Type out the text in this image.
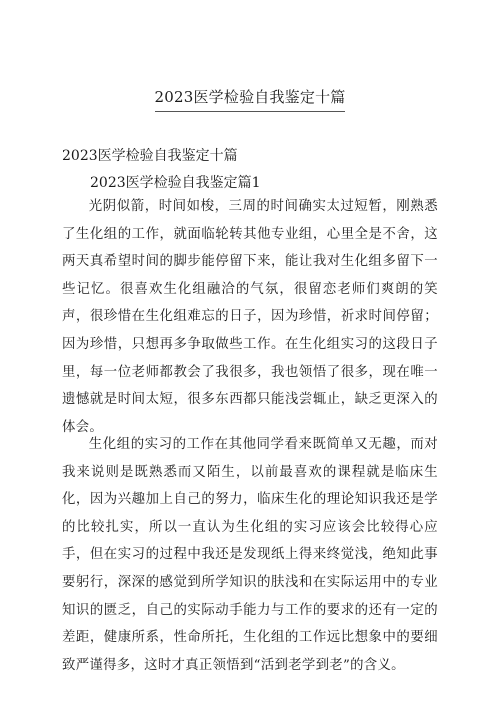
2023医学检验自我鉴定十篇

2023医学检验自我鉴定十篇

2023医学检验自我鉴定篇1

光阴似箭，时间如梭，三周的时间确实太过短暂，刚熟悉了生化组的工作，就面临轮转其他专业组，心里全是不舍，这两天真希望时间的脚步能停留下来，能让我对生化组多留下一些记忆。很喜欢生化组融洽的气氛，很留恋老师们爽朗的笑声，很珍惜在生化组难忘的日子，因为珍惜，祈求时间停留；因为珍惜，只想再多争取做些工作。在生化组实习的这段日子里，每一位老师都教会了我很多，我也领悟了很多，现在唯一遗憾就是时间太短，很多东西都只能浅尝辄止，缺乏更深入的体会。

生化组的实习的工作在其他同学看来既简单又无趣，而对我来说则是既熟悉而又陌生，以前最喜欢的课程就是临床生化，因为兴趣加上自己的努力，临床生化的理论知识我还是学的比较扎实，所以一直认为生化组的实习应该会比较得心应手，但在实习的过程中我还是发现纸上得来终觉浅，绝知此事要躬行，深深的感觉到所学知识的肤浅和在实际运用中的专业知识的匮乏，自己的实际动手能力与工作的要求的还有一定的差距，健康所系，性命所托，生化组的工作远比想象中的要细致严谨得多，这时才真正领悟到“活到老学到老”的含义。
